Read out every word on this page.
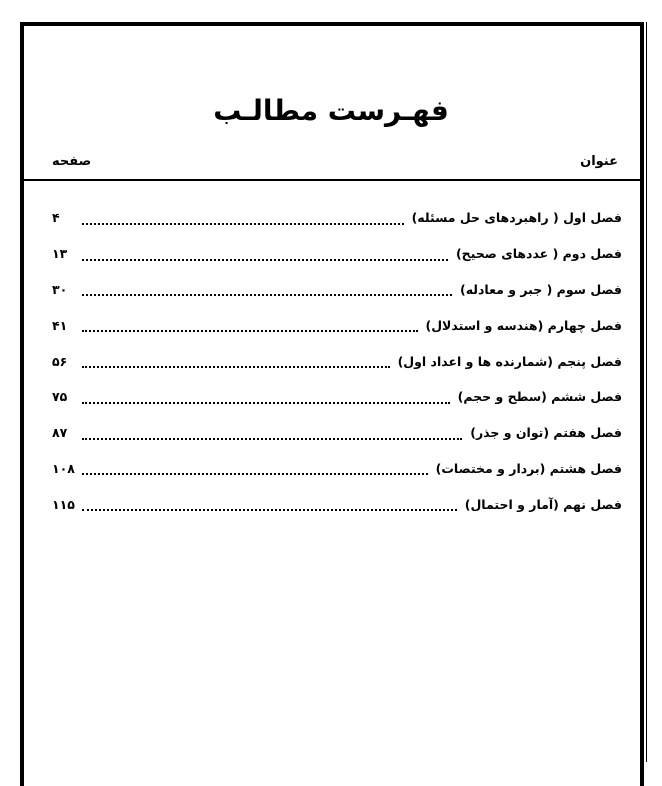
فهـرست مطالـب
عنوان
صفحه
فصل اول ( راهبردهای حل مسئله)
۴
فصل دوم ( عددهای صحیح)
۱۳
فصل سوم ( جبر و معادله)
۳۰
فصل چهارم (هندسه و استدلال)
۴۱
فصل پنجم (شمارنده ها و اعداد اول)
۵۶
فصل ششم (سطح و حجم)
۷۵
فصل هفتم (توان و جذر)
۸۷
فصل هشتم (بردار و مختصات)
۱۰۸
فصل نهم (آمار و احتمال)
۱۱۵
